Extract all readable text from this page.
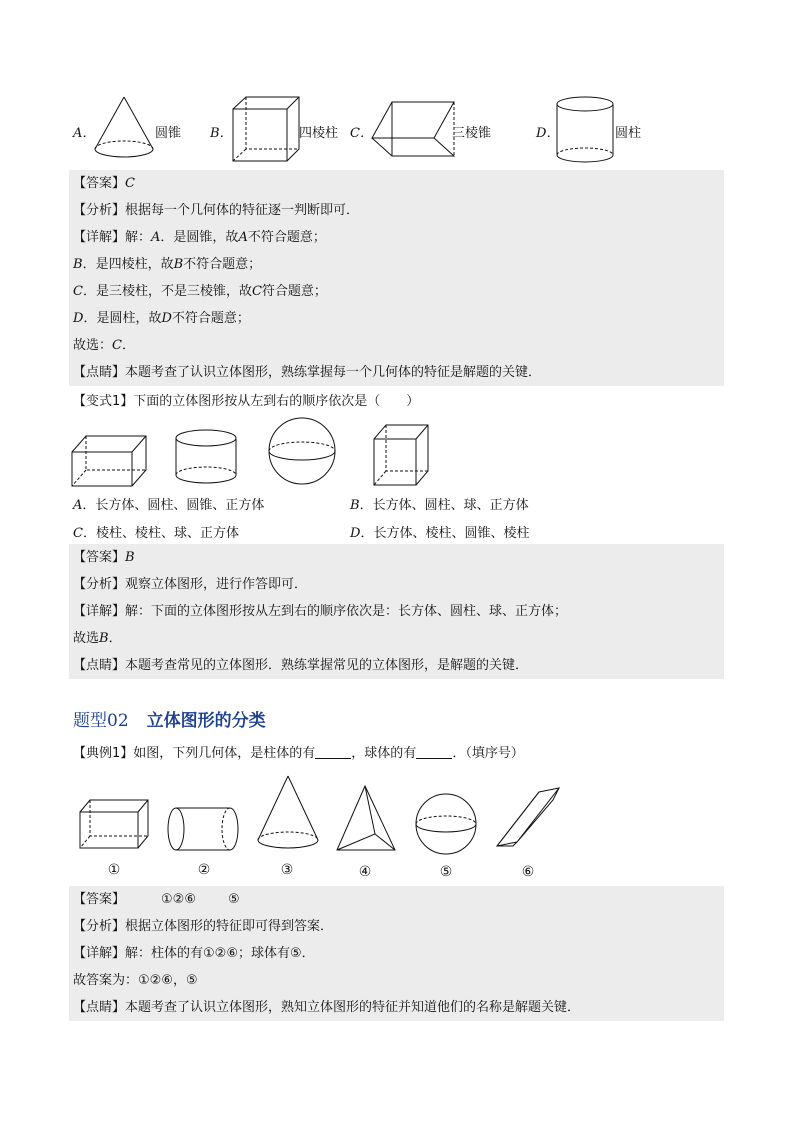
A．	圆锥 B．	四棱柱 C．	三棱锥	D．	圆柱
【答案】C
【分析】根据每一个几何体的特征逐一判断即可．
【详解】解：A．是圆锥，故A不符合题意；
B．是四棱柱，故B不符合题意；
C．是三棱柱，不是三棱锥，故C符合题意；
D．是圆柱，故D不符合题意；
故选：C．
【点睛】本题考查了认识立体图形，熟练掌握每一个几何体的特征是解题的关键．
【变式1】下面的立体图形按从左到右的顺序依次是（　　）
A．长方体、圆柱、圆锥、正方体	B．长方体、圆柱、球、正方体
C．棱柱、棱柱、球、正方体	D．长方体、棱柱、圆锥、棱柱
【答案】B
【分析】观察立体图形，进行作答即可．
【详解】解：下面的立体图形按从左到右的顺序依次是：长方体、圆柱、球、正方体；
故选B．
【点睛】本题考查常见的立体图形．熟练掌握常见的立体图形，是解题的关键．
题型02 立体图形的分类
【典例1】如图，下列几何体，是柱体的有	，球体的有	．（填序号）
①	②	③	④	⑤	⑥
【答案】	①②⑥ ⑤
【分析】根据立体图形的特征即可得到答案．
【详解】解：柱体的有①②⑥；球体有⑤．
故答案为：①②⑥，⑤
【点睛】本题考查了认识立体图形，熟知立体图形的特征并知道他们的名称是解题关键．
